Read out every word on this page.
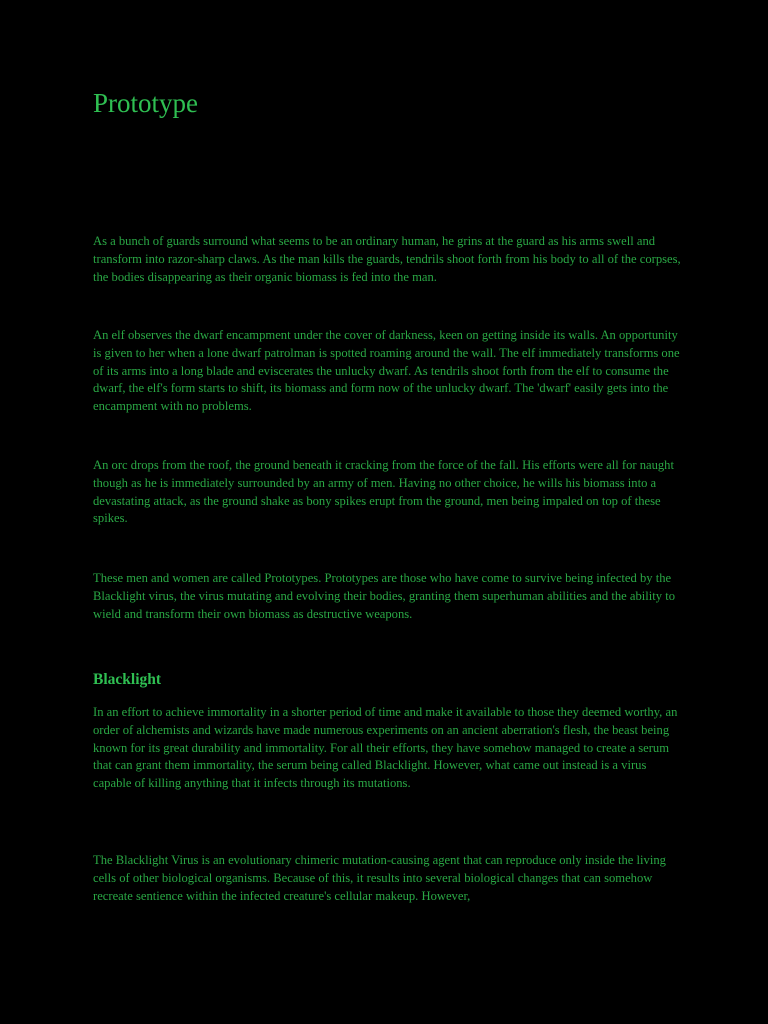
Prototype

As a bunch of guards surround what seems to be an ordinary human, he grins at the guard as his arms swell and transform into razor-sharp claws. As the man kills the guards, tendrils shoot forth from his body to all of the corpses, the bodies disappearing as their organic biomass is fed into the man.

An elf observes the dwarf encampment under the cover of darkness, keen on getting inside its walls. An opportunity is given to her when a lone dwarf patrolman is spotted roaming around the wall. The elf immediately transforms one of its arms into a long blade and eviscerates the unlucky dwarf. As tendrils shoot forth from the elf to consume the dwarf, the elf's form starts to shift, its biomass and form now of the unlucky dwarf. The 'dwarf' easily gets into the encampment with no problems.

An orc drops from the roof, the ground beneath it cracking from the force of the fall. His efforts were all for naught though as he is immediately surrounded by an army of men. Having no other choice, he wills his biomass into a devastating attack, as the ground shake as bony spikes erupt from the ground, men being impaled on top of these spikes.

These men and women are called Prototypes. Prototypes are those who have come to survive being infected by the Blacklight virus, the virus mutating and evolving their bodies, granting them superhuman abilities and the ability to wield and transform their own biomass as destructive weapons.

Blacklight

In an effort to achieve immortality in a shorter period of time and make it available to those they deemed worthy, an order of alchemists and wizards have made numerous experiments on an ancient aberration's flesh, the beast being known for its great durability and immortality. For all their efforts, they have somehow managed to create a serum that can grant them immortality, the serum being called Blacklight. However, what came out instead is a virus capable of killing anything that it infects through its mutations.

The Blacklight Virus is an evolutionary chimeric mutation-causing agent that can reproduce only inside the living cells of other biological organisms. Because of this, it results into several biological changes that can somehow recreate sentience within the infected creature's cellular makeup. However,
